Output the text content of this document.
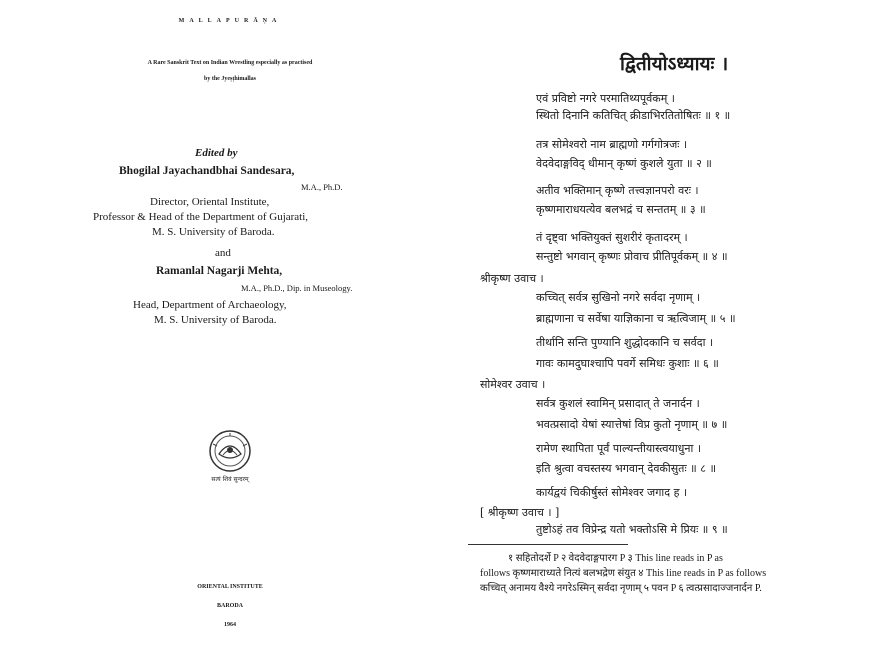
MALLAPURĀṆA
A Rare Sanskrit Text on Indian Wrestling especially as practised
by the Jyeṣṭhimallas
Edited by
Bhogilal Jayachandbhai Sandesara,
M.A., Ph.D.
Director, Oriental Institute,
Professor & Head of the Department of Gujarati,
M. S. University of Baroda.
and
Ramanlal Nagarji Mehta,
M.A., Ph.D., Dip. in Museology.
Head, Department of Archaeology,
M. S. University of Baroda.
सत्यं शिवं सुन्दरम्
ORIENTAL INSTITUTE
BARODA
1964
द्वितीयोऽध्यायः ।
एवं प्रविष्टो नगरे परमातिथ्यपूर्वकम् ।
स्थितो दिनानि कतिचित् क्रीडाभिरतितोषितः ॥ १ ॥
तत्र सोमेश्वरो नाम ब्राह्मणो गर्गगोत्रजः ।
वेदवेदाङ्गविद् धीमान् कृष्णं कुशले युता ॥ २ ॥
अतीव भक्तिमान् कृष्णे तत्त्वज्ञानपरो वरः ।
कृष्णमाराधयत्येव बलभद्रं च सन्ततम् ॥ ३ ॥
तं दृष्ट्वा भक्तियुक्तं सुशरीरं कृतादरम् ।
सन्तुष्टो भगवान् कृष्णः प्रोवाच प्रीतिपूर्वकम् ॥ ४ ॥
श्रीकृष्ण उवाच ।
कच्चित् सर्वत्र सुखिनो नगरे सर्वदा नृणाम् ।
ब्राह्मणाना च सर्वेषा याज्ञिकाना च ऋत्विजाम् ॥ ५ ॥
तीर्थानि सन्ति पुण्यानि शुद्धोदकानि च सर्वदा ।
गावः कामदुघाश्चापि पवर्गे समिधः कुशाः ॥ ६ ॥
सोमेश्वर उवाच ।
सर्वत्र कुशलं स्वामिन् प्रसादात् ते जनार्दन ।
भवत्प्रसादो येषां स्यात्तेषां विप्र कुतो नृणाम् ॥ ७ ॥
रामेण स्थापिता पूर्वं पाल्यन्तीयास्त्वयाधुना ।
इति श्रुत्वा वचस्तस्य भगवान् देवकीसुतः ॥ ८ ॥
कार्यद्वयं चिकीर्षुस्तं सोमेश्वर जगाद ह ।
[ श्रीकृष्ण उवाच । ]
तुष्टोऽहं तव विप्रेन्द्र यतो भक्तोऽसि मे प्रियः ॥ ९ ॥
१ सहितोदर्शे P २ वेदवेदाङ्गपारग P ३ This line reads in P as
follows कृष्णमाराध्यते नित्यं बलभद्रेण संयुत ४ This line reads in P as follows
कच्चित् अनामय वैश्ये नगरेऽस्मिन् सर्वदा नृणाम् ५ पवन P ६ त्वत्प्रसादाज्जनार्दन P.
